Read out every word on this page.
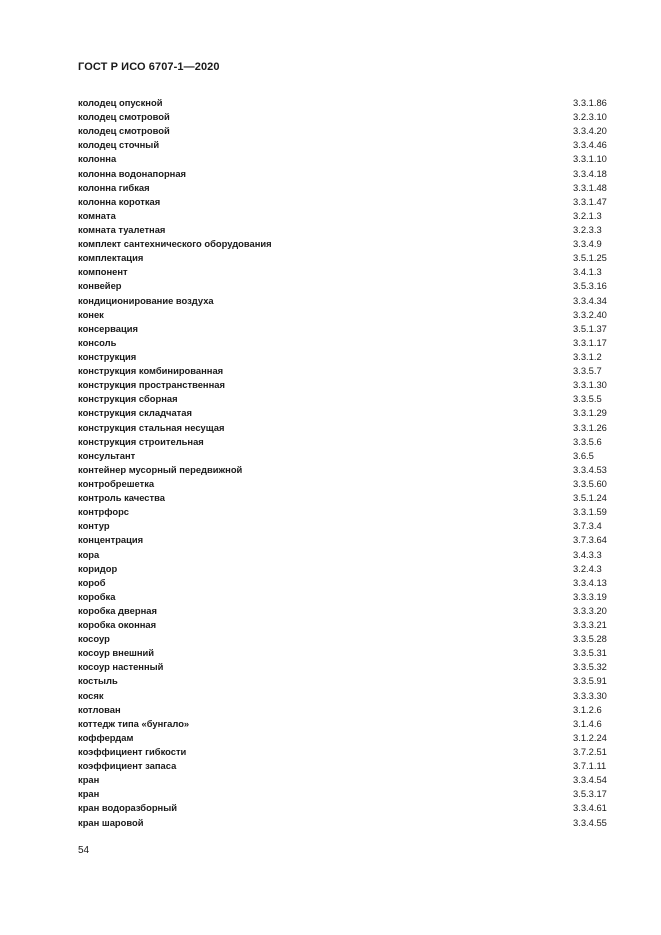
ГОСТ Р ИСО 6707-1—2020
колодец опускной	3.3.1.86
колодец смотровой	3.2.3.10
колодец смотровой	3.3.4.20
колодец сточный	3.3.4.46
колонна	3.3.1.10
колонна водонапорная	3.3.4.18
колонна гибкая	3.3.1.48
колонна короткая	3.3.1.47
комната	3.2.1.3
комната туалетная	3.2.3.3
комплект сантехнического оборудования	3.3.4.9
комплектация	3.5.1.25
компонент	3.4.1.3
конвейер	3.5.3.16
кондиционирование воздуха	3.3.4.34
конек	3.3.2.40
консервация	3.5.1.37
консоль	3.3.1.17
конструкция	3.3.1.2
конструкция комбинированная	3.3.5.7
конструкция пространственная	3.3.1.30
конструкция сборная	3.3.5.5
конструкция складчатая	3.3.1.29
конструкция стальная несущая	3.3.1.26
конструкция строительная	3.3.5.6
консультант	3.6.5
контейнер мусорный передвижной	3.3.4.53
контробрешетка	3.3.5.60
контроль качества	3.5.1.24
контрфорс	3.3.1.59
контур	3.7.3.4
концентрация	3.7.3.64
кора	3.4.3.3
коридор	3.2.4.3
короб	3.3.4.13
коробка	3.3.3.19
коробка дверная	3.3.3.20
коробка оконная	3.3.3.21
косоур	3.3.5.28
косоур внешний	3.3.5.31
косоур настенный	3.3.5.32
костыль	3.3.5.91
косяк	3.3.3.30
котлован	3.1.2.6
коттедж типа «бунгало»	3.1.4.6
коффердам	3.1.2.24
коэффициент гибкости	3.7.2.51
коэффициент запаса	3.7.1.11
кран	3.3.4.54
кран	3.5.3.17
кран водоразборный	3.3.4.61
кран шаровой	3.3.4.55
54
